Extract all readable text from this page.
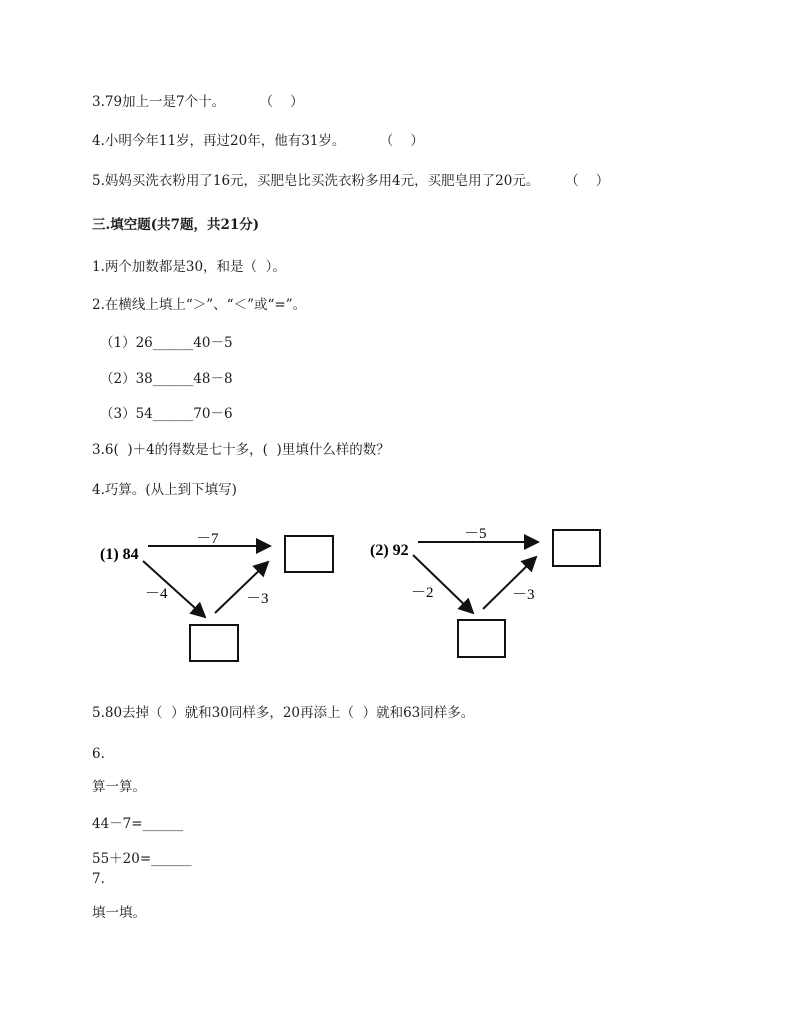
3.79加上一是7个十。        （    ）
4.小明今年11岁，再过20年，他有31岁。        （    ）
5.妈妈买洗衣粉用了16元，买肥皂比买洗衣粉多用4元，买肥皂用了20元。      （    ）
三.填空题(共7题，共21分)
1.两个加数都是30，和是（  ）。
2.在横线上填上“＞”、“＜”或“=”。
（1）26______40－5
（2）38______48－8
（3）54______70－6
3.6(  )＋4的得数是七十多，(  )里填什么样的数？
4.巧算。(从上到下填写)
(1) 84
－7
－4	－3
(2) 92
－5
－2	－3
5.80去掉（  ）就和30同样多，20再添上（  ）就和63同样多。
6.
算一算。
44－7=______
55＋20=______
7.
填一填。
